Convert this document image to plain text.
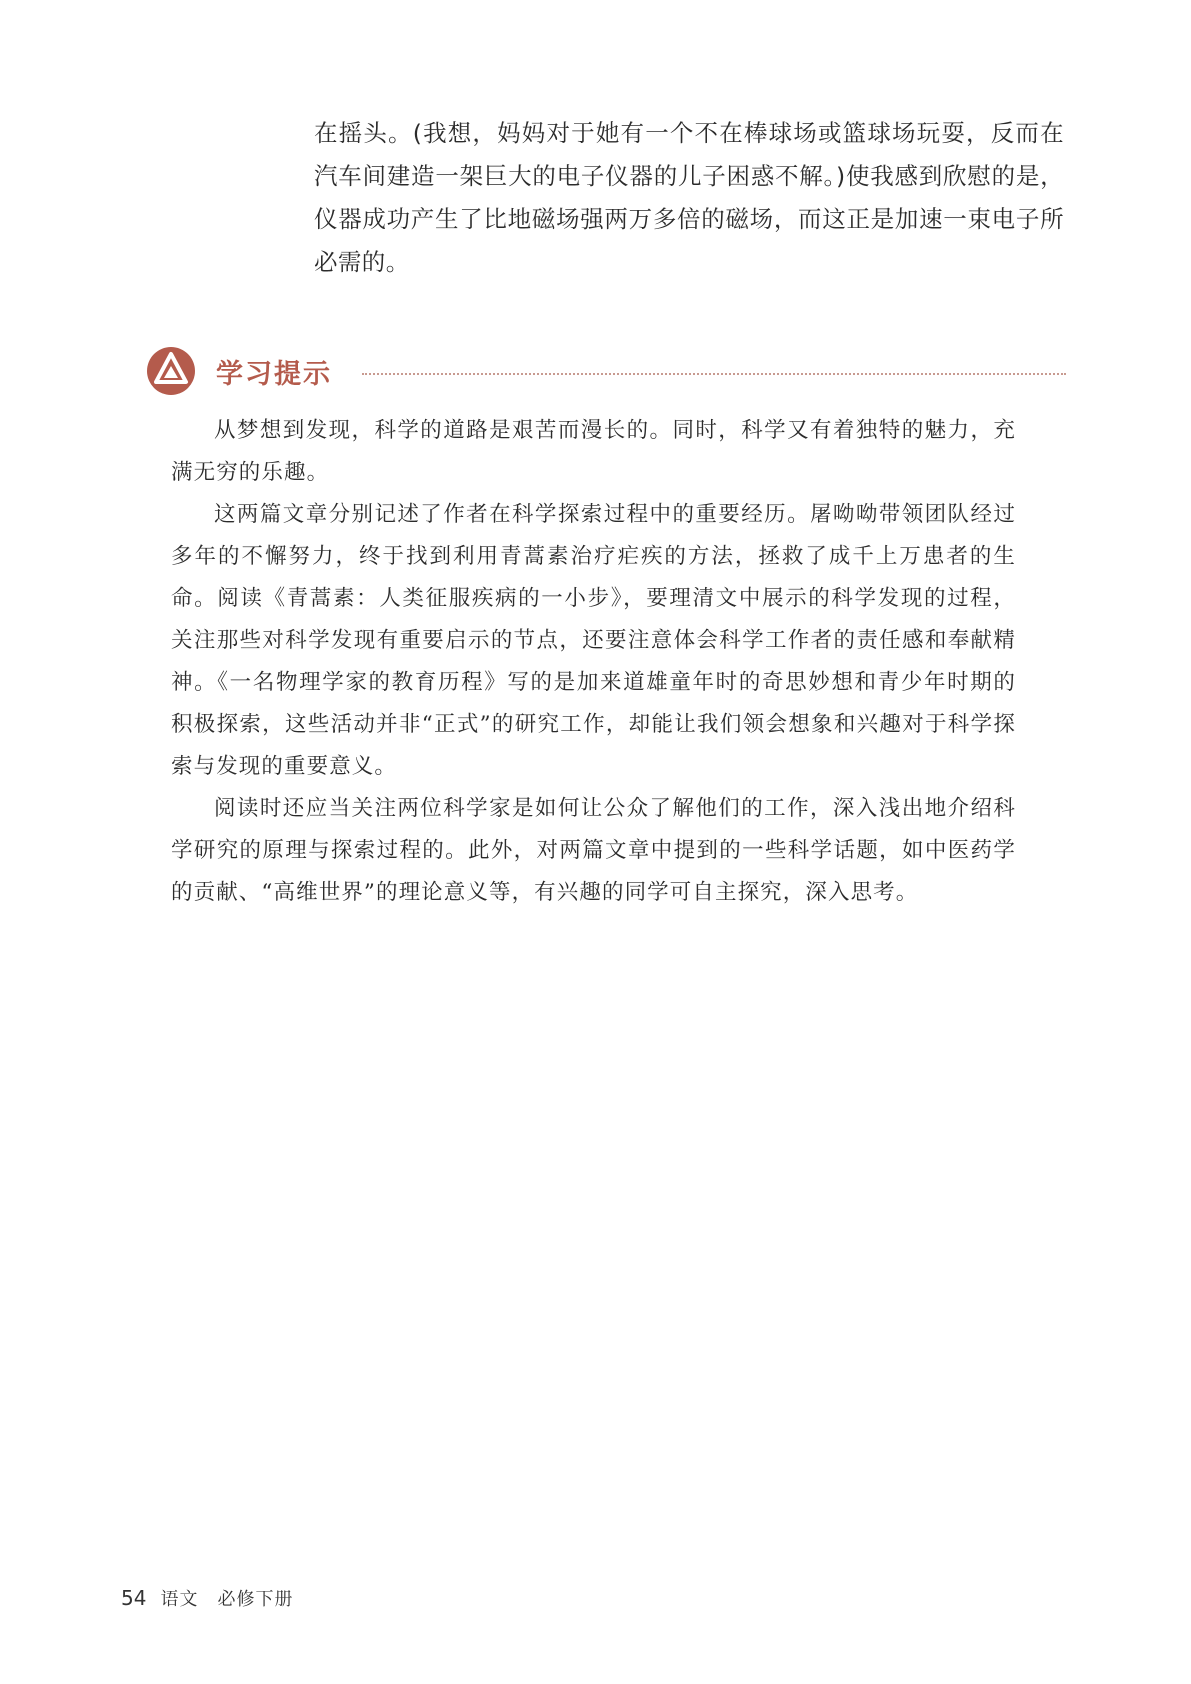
在摇头。(我想，妈妈对于她有一个不在棒球场或篮球场玩耍，反而在汽车间建造一架巨大的电子仪器的儿子困惑不解。)使我感到欣慰的是，仪器成功产生了比地磁场强两万多倍的磁场，而这正是加速一束电子所必需的。

学习提示

从梦想到发现，科学的道路是艰苦而漫长的。同时，科学又有着独特的魅力，充满无穷的乐趣。

这两篇文章分别记述了作者在科学探索过程中的重要经历。屠呦呦带领团队经过多年的不懈努力，终于找到利用青蒿素治疗疟疾的方法，拯救了成千上万患者的生命。阅读《青蒿素：人类征服疾病的一小步》，要理清文中展示的科学发现的过程，关注那些对科学发现有重要启示的节点，还要注意体会科学工作者的责任感和奉献精神。《一名物理学家的教育历程》写的是加来道雄童年时的奇思妙想和青少年时期的积极探索，这些活动并非“正式”的研究工作，却能让我们领会想象和兴趣对于科学探索与发现的重要意义。

阅读时还应当关注两位科学家是如何让公众了解他们的工作，深入浅出地介绍科学研究的原理与探索过程的。此外，对两篇文章中提到的一些科学话题，如中医药学的贡献、“高维世界”的理论意义等，有兴趣的同学可自主探究，深入思考。

54 语文　必修下册
